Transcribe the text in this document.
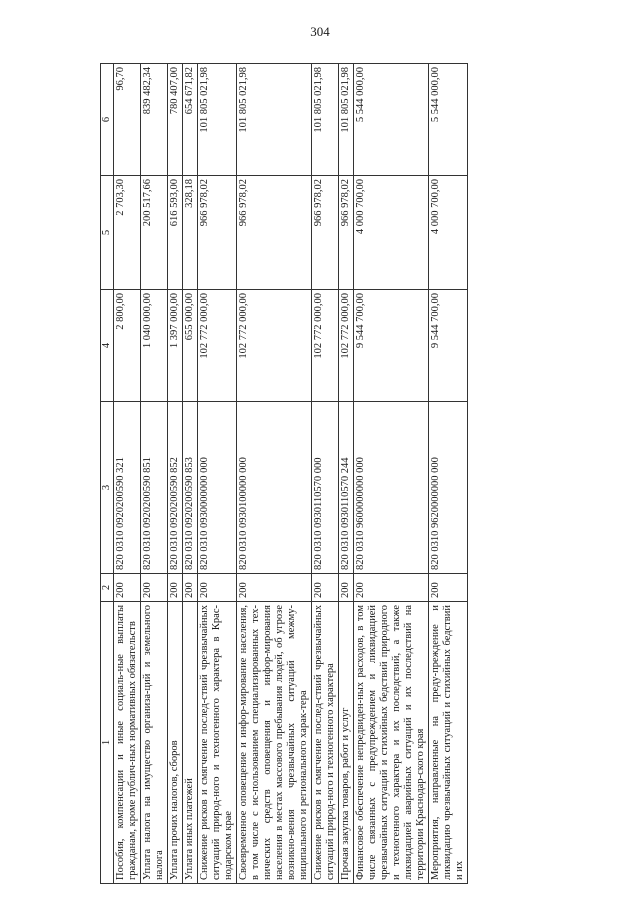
304
1	2	3	4	5	6
Пособия, компенсации и иные социаль-ные выплаты гражданам, кроме публич-ных нормативных обязательств	200	820 0310 0920200590 321	2 800,00	2 703,30	96,70
Уплата налога на имущество организа-ций и земельного налога	200	820 0310 0920200590 851	1 040 000,00	200 517,66	839 482,34
Уплата прочих налогов, сборов	200	820 0310 0920200590 852	1 397 000,00	616 593,00	780 407,00
Уплата иных платежей	200	820 0310 0920200590 853	655 000,00	328,18	654 671,82
Снижение рисков и смягчение послед-ствий чрезвычайных ситуаций природ-ного и техногенного характера в Крас-нодарском крае	200	820 0310 0930000000 000	102 772 000,00	966 978,02	101 805 021,98
Своевременное оповещение и инфор-мирование населения, в том числе с ис-пользованием специализированных тех-нических средств оповещения и инфор-мирования населения в местах массового пребывания людей, об угрозе возникно-вения чрезвычайных ситуаций межму-ниципального и регионального харак-тера	200	820 0310 0930100000 000	102 772 000,00	966 978,02	101 805 021,98
Снижение рисков и смягчение послед-ствий чрезвычайных ситуаций природ-ного и техногенного характера	200	820 0310 0930110570 000	102 772 000,00	966 978,02	101 805 021,98
Прочая закупка товаров, работ и услуг	200	820 0310 0930110570 244	102 772 000,00	966 978,02	101 805 021,98
Финансовое обеспечение непредвиден-ных расходов, в том числе связанных с предупреждением и ликвидацией чрезвычайных ситуаций и стихийных бедствий природного и техногенного характера и их последствий, а также ликвидацией аварийных ситуаций и их последствий на территории Краснодар-ского края	200	820 0310 9600000000 000	9 544 700,00	4 000 700,00	5 544 000,00
Мероприятия, направленные на преду-преждение и ликвидацию чрезвычайных ситуаций и стихийных бедствий и их	200	820 0310 9620000000 000	9 544 700,00	4 000 700,00	5 544 000,00
